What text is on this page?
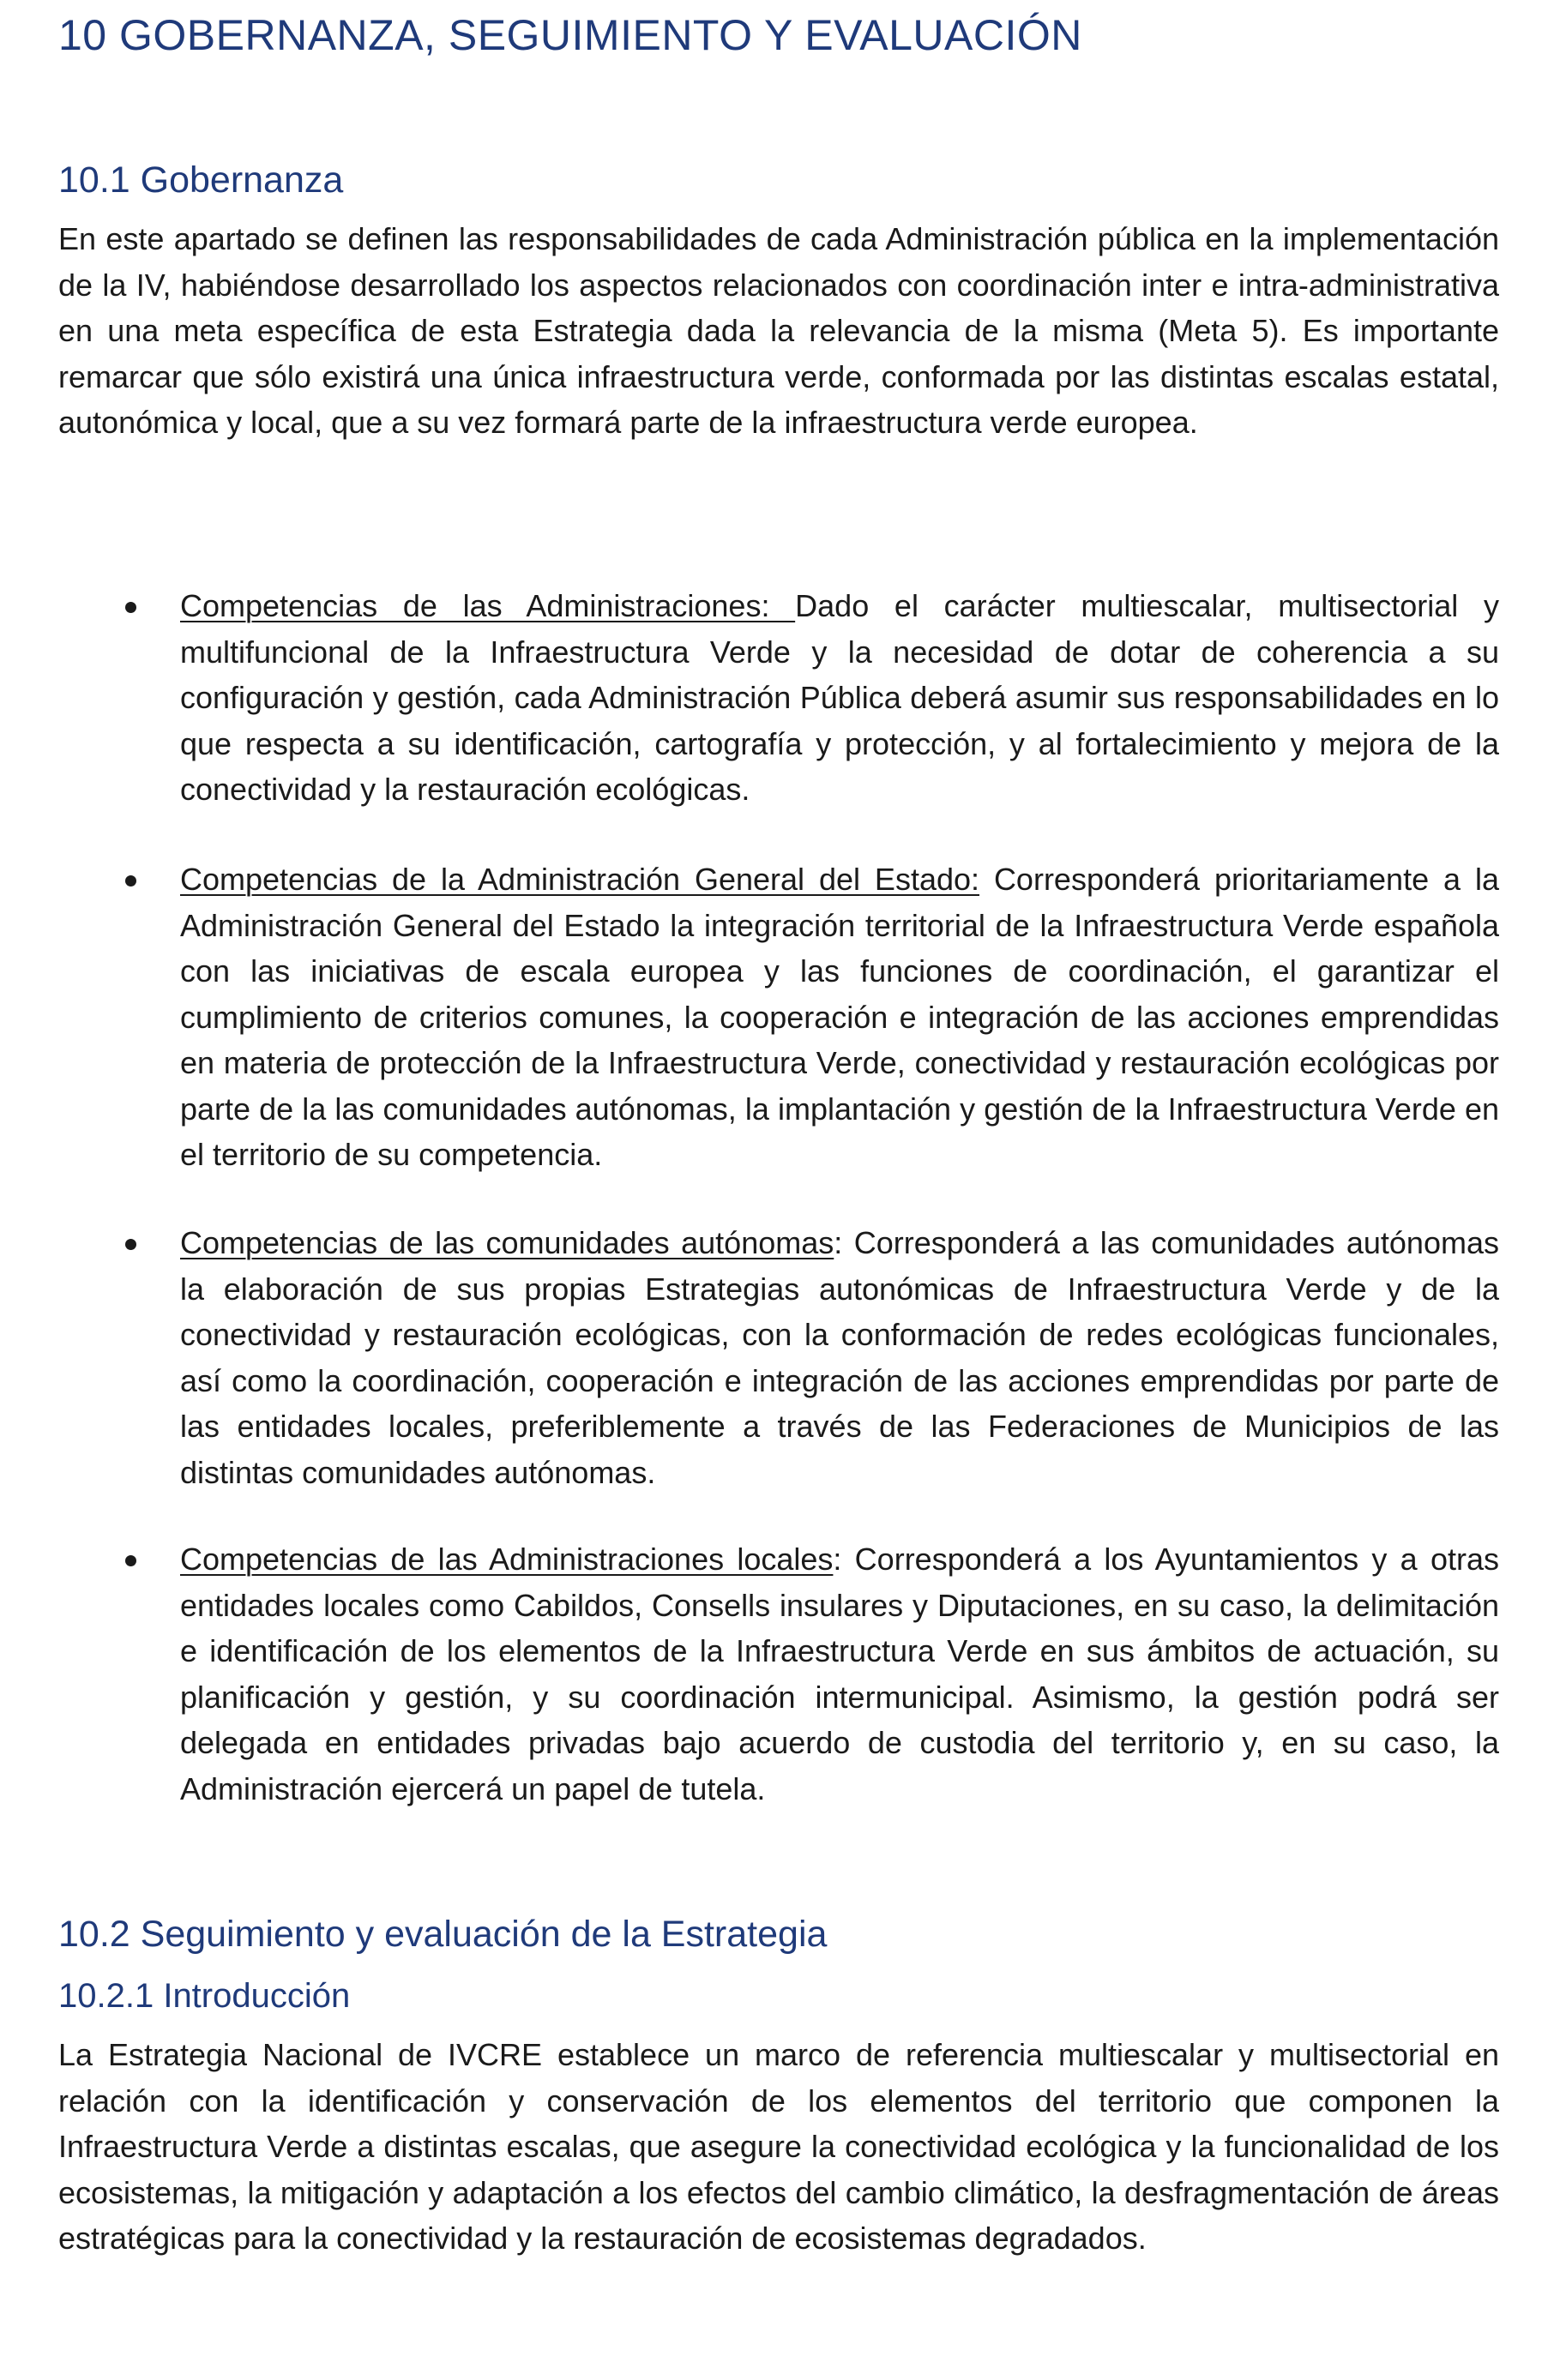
10 GOBERNANZA, SEGUIMIENTO Y EVALUACIÓN
10.1 Gobernanza

En este apartado se definen las responsabilidades de cada Administración pública en la implementación de la IV, habiéndose desarrollado los aspectos relacionados con coordinación inter e intra-administrativa en una meta específica de esta Estrategia dada la relevancia de la misma (Meta 5). Es importante remarcar que sólo existirá una única infraestructura verde, conformada por las distintas escalas estatal, autonómica y local, que a su vez formará parte de la infraestructura verde europea.

Competencias de las Administraciones: Dado el carácter multiescalar, multisectorial y multifuncional de la Infraestructura Verde y la necesidad de dotar de coherencia a su configuración y gestión, cada Administración Pública deberá asumir sus responsabilidades en lo que respecta a su identificación, cartografía y protección, y al fortalecimiento y mejora de la conectividad y la restauración ecológicas.

Competencias de la Administración General del Estado: Corresponderá prioritariamente a la Administración General del Estado la integración territorial de la Infraestructura Verde española con las iniciativas de escala europea y las funciones de coordinación, el garantizar el cumplimiento de criterios comunes, la cooperación e integración de las acciones emprendidas en materia de protección de la Infraestructura Verde, conectividad y restauración ecológicas por parte de la las comunidades autónomas, la implantación y gestión de la Infraestructura Verde en el territorio de su competencia.

Competencias de las comunidades autónomas: Corresponderá a las comunidades autónomas la elaboración de sus propias Estrategias autonómicas de Infraestructura Verde y de la conectividad y restauración ecológicas, con la conformación de redes ecológicas funcionales, así como la coordinación, cooperación e integración de las acciones emprendidas por parte de las entidades locales, preferiblemente a través de las Federaciones de Municipios de las distintas comunidades autónomas.

Competencias de las Administraciones locales: Corresponderá a los Ayuntamientos y a otras entidades locales como Cabildos, Consells insulares y Diputaciones, en su caso, la delimitación e identificación de los elementos de la Infraestructura Verde en sus ámbitos de actuación, su planificación y gestión, y su coordinación intermunicipal. Asimismo, la gestión podrá ser delegada en entidades privadas bajo acuerdo de custodia del territorio y, en su caso, la Administración ejercerá un papel de tutela.

10.2 Seguimiento y evaluación de la Estrategia
10.2.1 Introducción

La Estrategia Nacional de IVCRE establece un marco de referencia multiescalar y multisectorial en relación con la identificación y conservación de los elementos del territorio que componen la Infraestructura Verde a distintas escalas, que asegure la conectividad ecológica y la funcionalidad de los ecosistemas, la mitigación y adaptación a los efectos del cambio climático, la desfragmentación de áreas estratégicas para la conectividad y la restauración de ecosistemas degradados.
